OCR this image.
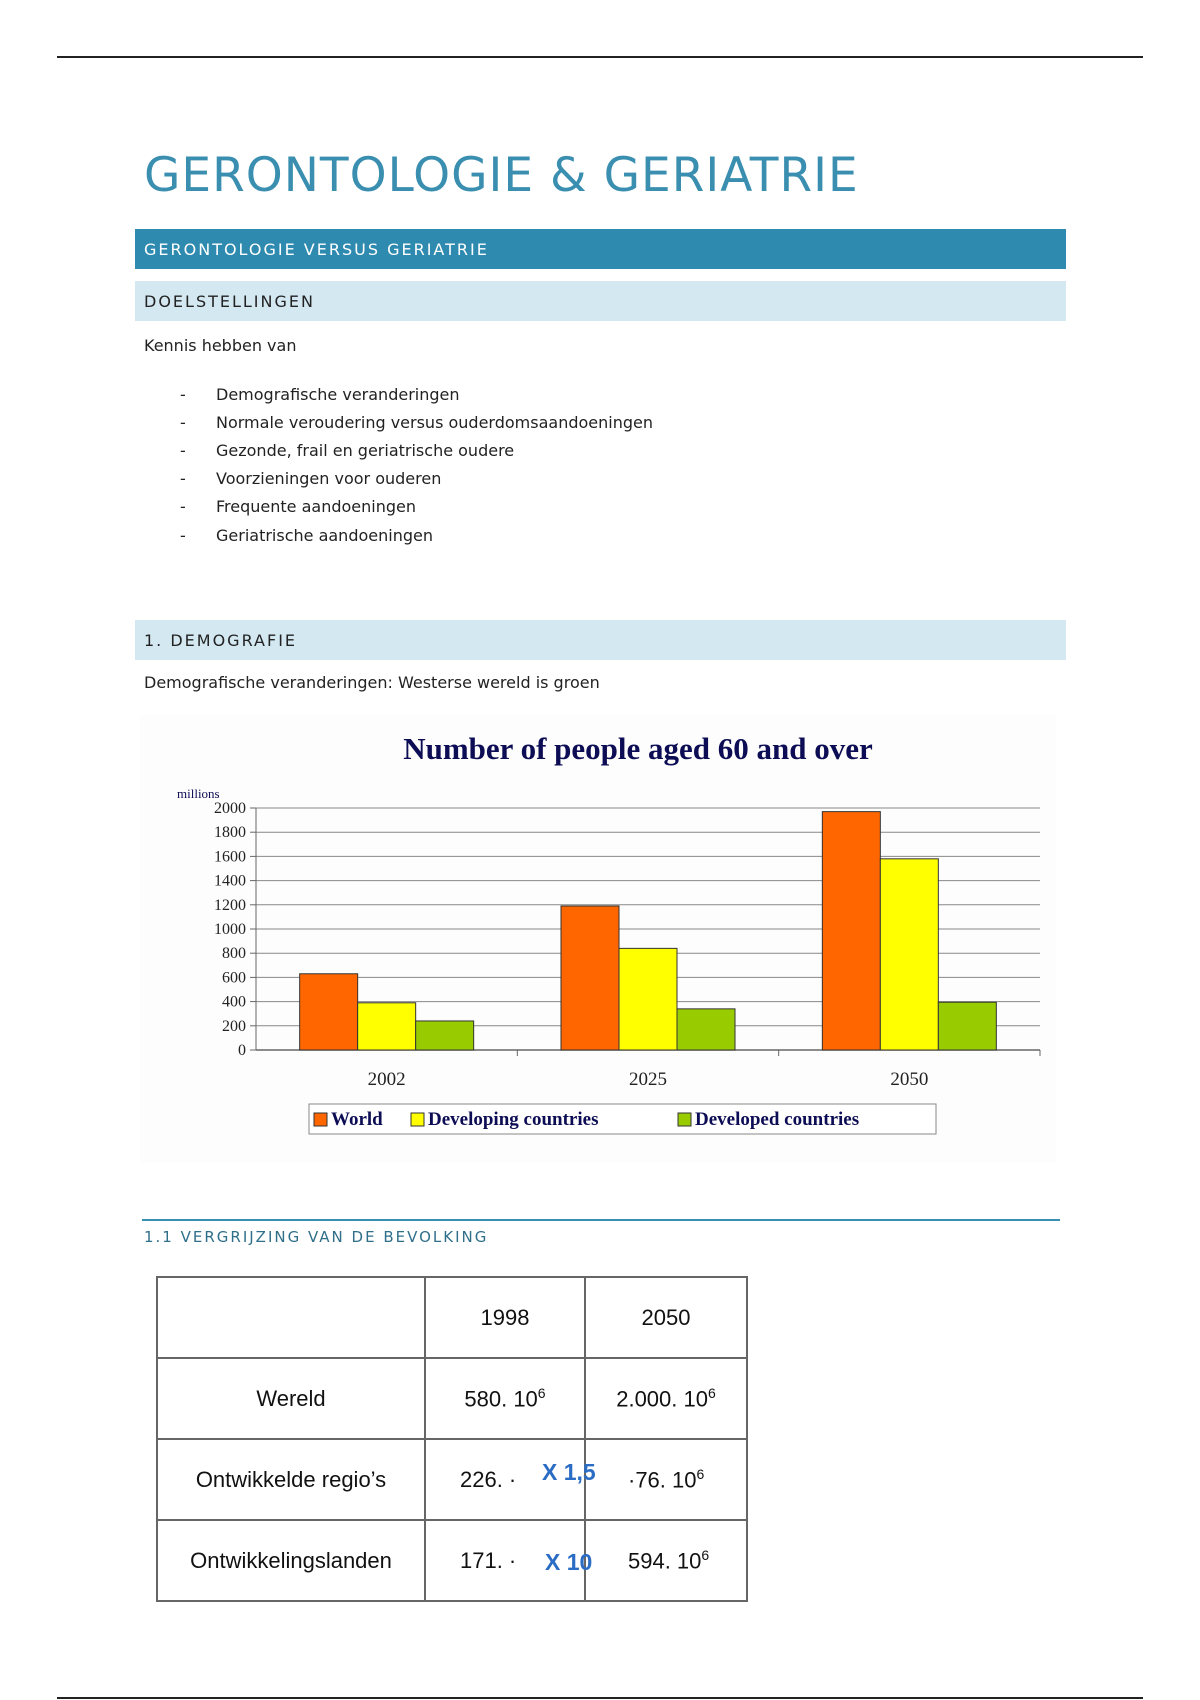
GERONTOLOGIE & GERIATRIE
GERONTOLOGIE VERSUS GERIATRIE
DOELSTELLINGEN
Kennis hebben van
-	Demografische veranderingen
-	Normale veroudering versus ouderdomsaandoeningen
-	Gezonde, frail en geriatrische oudere
-	Voorzieningen voor ouderen
-	Frequente aandoeningen
-	Geriatrische aandoeningen
1. DEMOGRAFIE
Demografische veranderingen: Westerse wereld is groen
Number of people aged 60 and over
millions
0
200
400
600
800
1000
1200
1400
1600
1800
2000
2002	2025	2050
World Developing countries	Developed countries
1.1 VERGRIJZING VAN DE BEVOLKING
	1998	2050
Wereld	580. $10^6$	2.000. $10^6$
Ontwikkelde regio’s	226. ·	·76. $10^6$
Ontwikkelingslanden	171. ·	594. $10^6$
X 1,5
X 10
